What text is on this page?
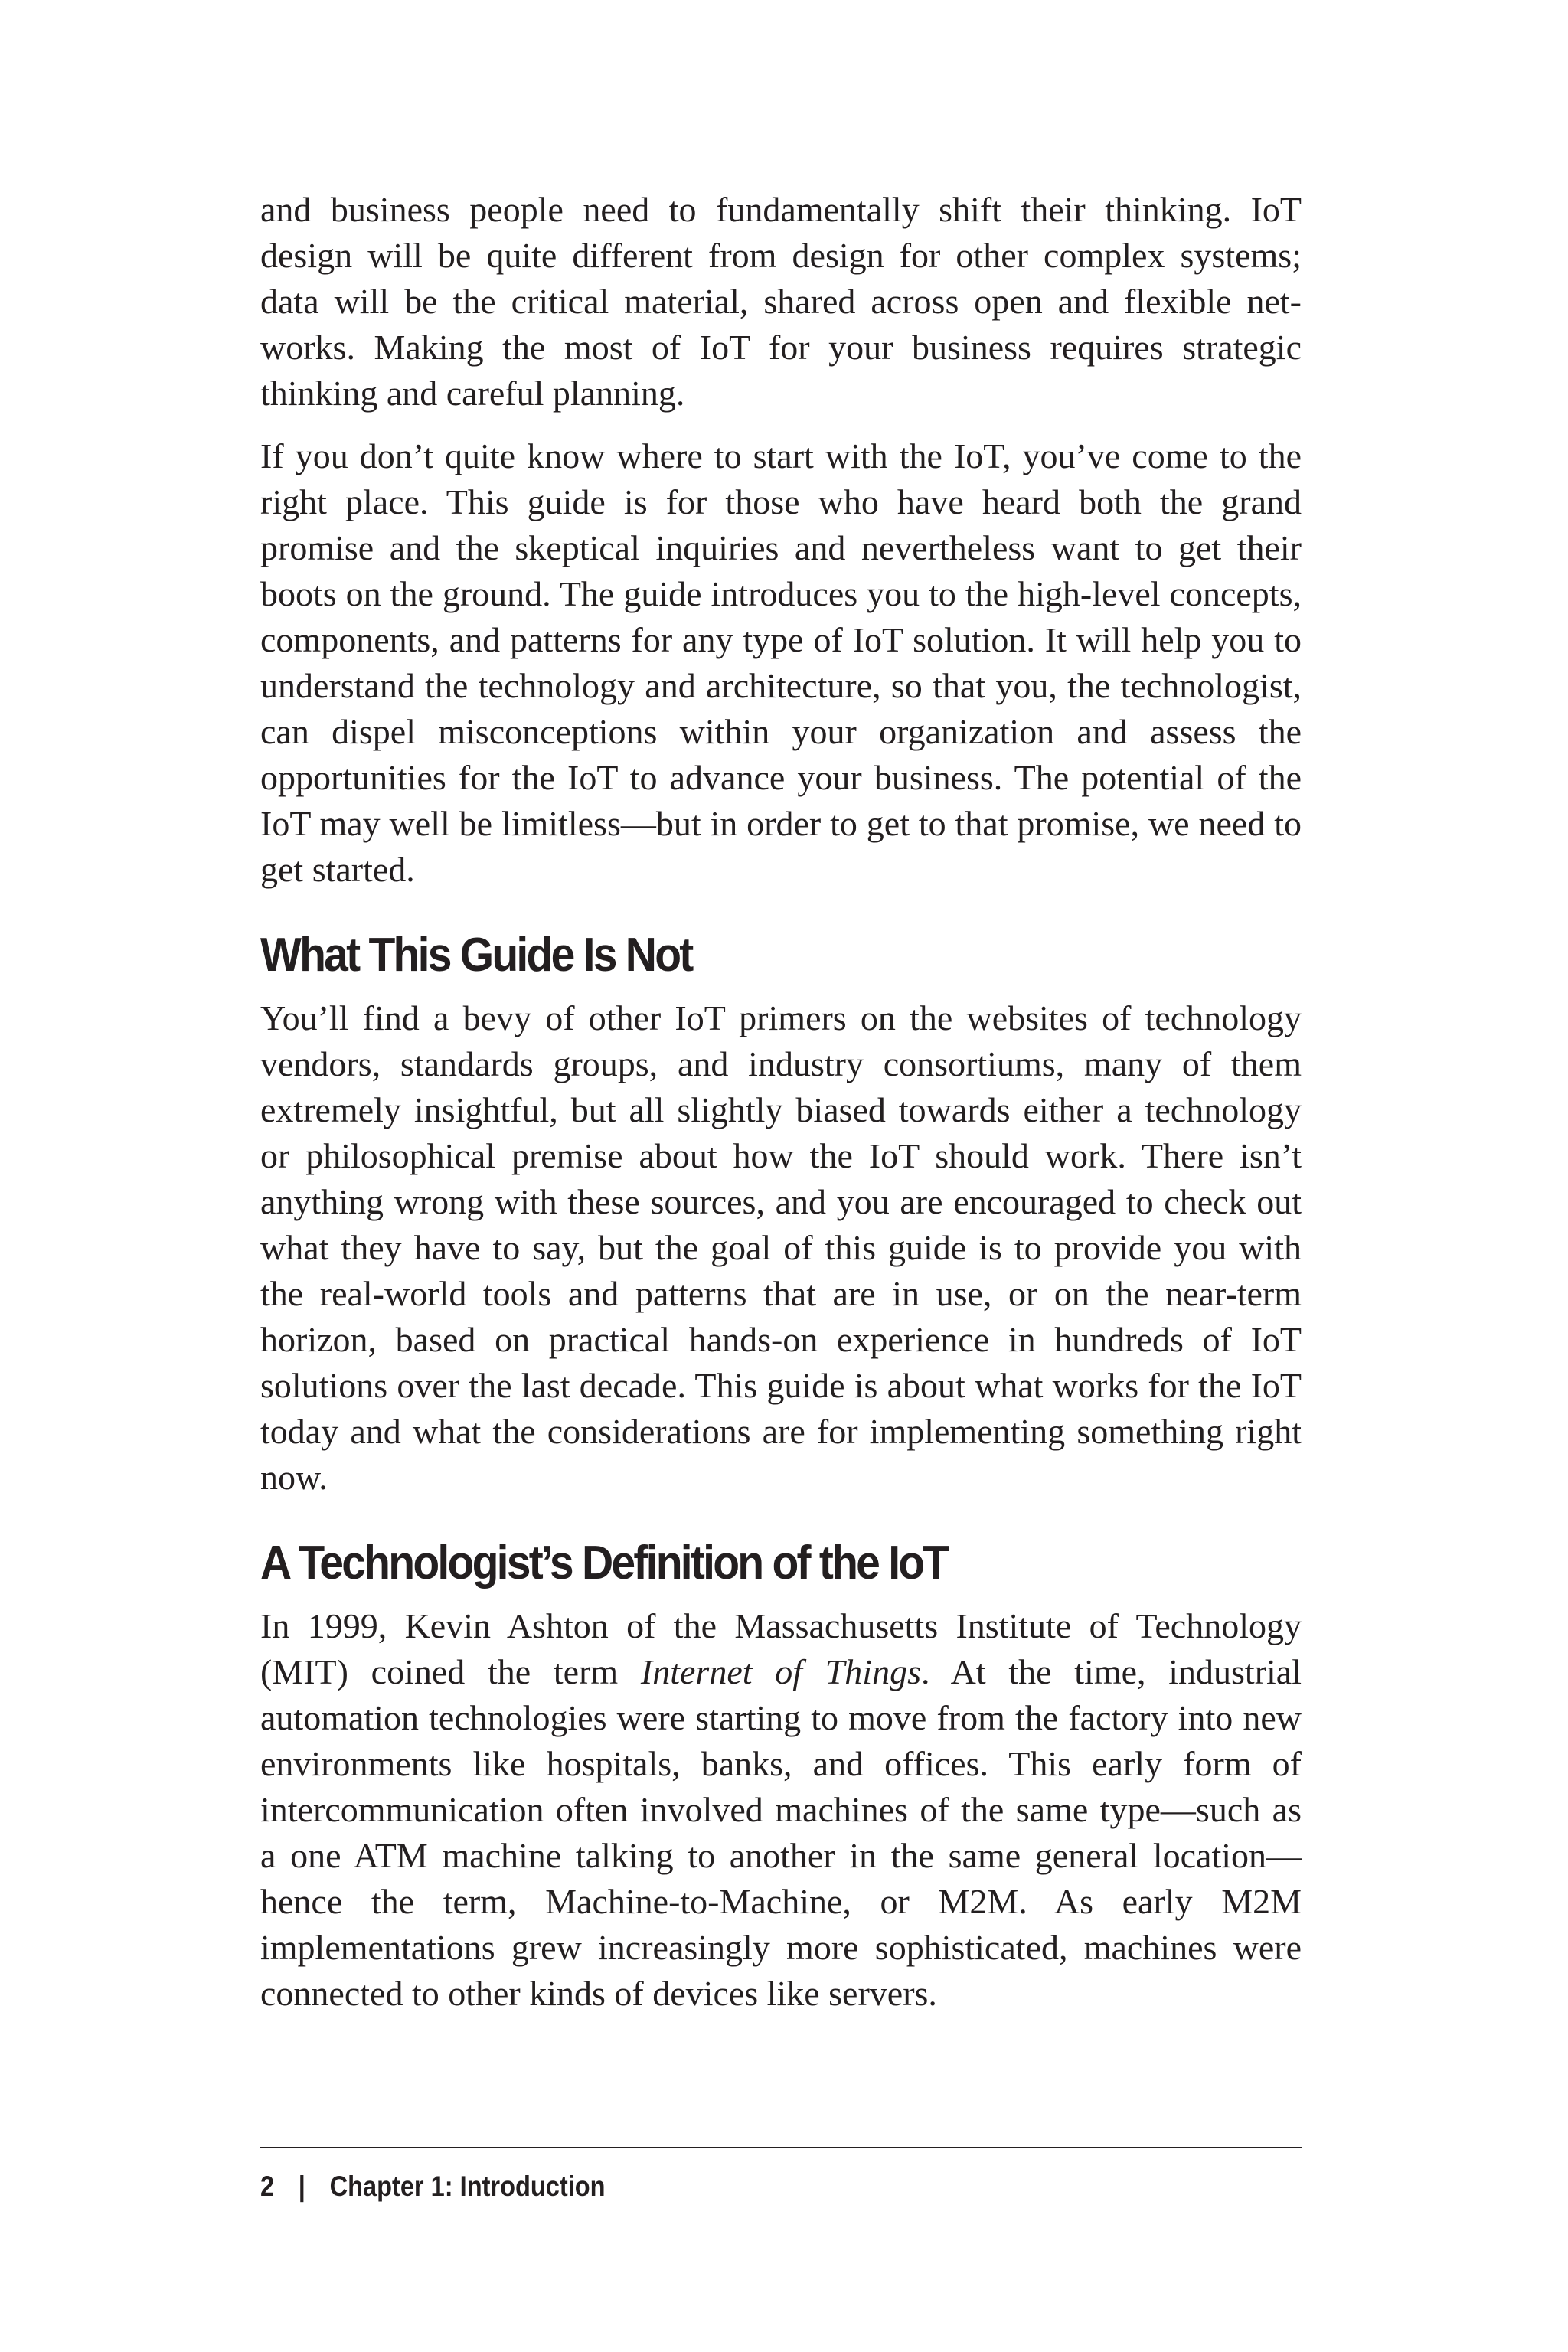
and business people need to fundamentally shift their thinking. IoT design will be quite different from design for other complex systems; data will be the critical material, shared across open and flexible networks. Making the most of IoT for your business requires strategic thinking and careful planning.

If you don’t quite know where to start with the IoT, you’ve come to the right place. This guide is for those who have heard both the grand promise and the skeptical inquiries and nevertheless want to get their boots on the ground. The guide introduces you to the high-level concepts, components, and patterns for any type of IoT solution. It will help you to understand the technology and architecture, so that you, the technologist, can dispel misconceptions within your organization and assess the opportunities for the IoT to advance your business. The potential of the IoT may well be limitless—but in order to get to that promise, we need to get started.

What This Guide Is Not

You’ll find a bevy of other IoT primers on the websites of technology vendors, standards groups, and industry consortiums, many of them extremely insightful, but all slightly biased towards either a technology or philosophical premise about how the IoT should work. There isn’t anything wrong with these sources, and you are encouraged to check out what they have to say, but the goal of this guide is to provide you with the real-world tools and patterns that are in use, or on the near-term horizon, based on practical hands-on experience in hundreds of IoT solutions over the last decade. This guide is about what works for the IoT today and what the considerations are for implementing something right now.

A Technologist’s Definition of the IoT

In 1999, Kevin Ashton of the Massachusetts Institute of Technology (MIT) coined the term Internet of Things. At the time, industrial automation technologies were starting to move from the factory into new environments like hospitals, banks, and offices. This early form of intercommunication often involved machines of the same type—such as a one ATM machine talking to another in the same general location—hence the term, Machine-to-Machine, or M2M. As early M2M implementations grew increasingly more sophisticated, machines were connected to other kinds of devices like servers.

2 | Chapter 1: Introduction
